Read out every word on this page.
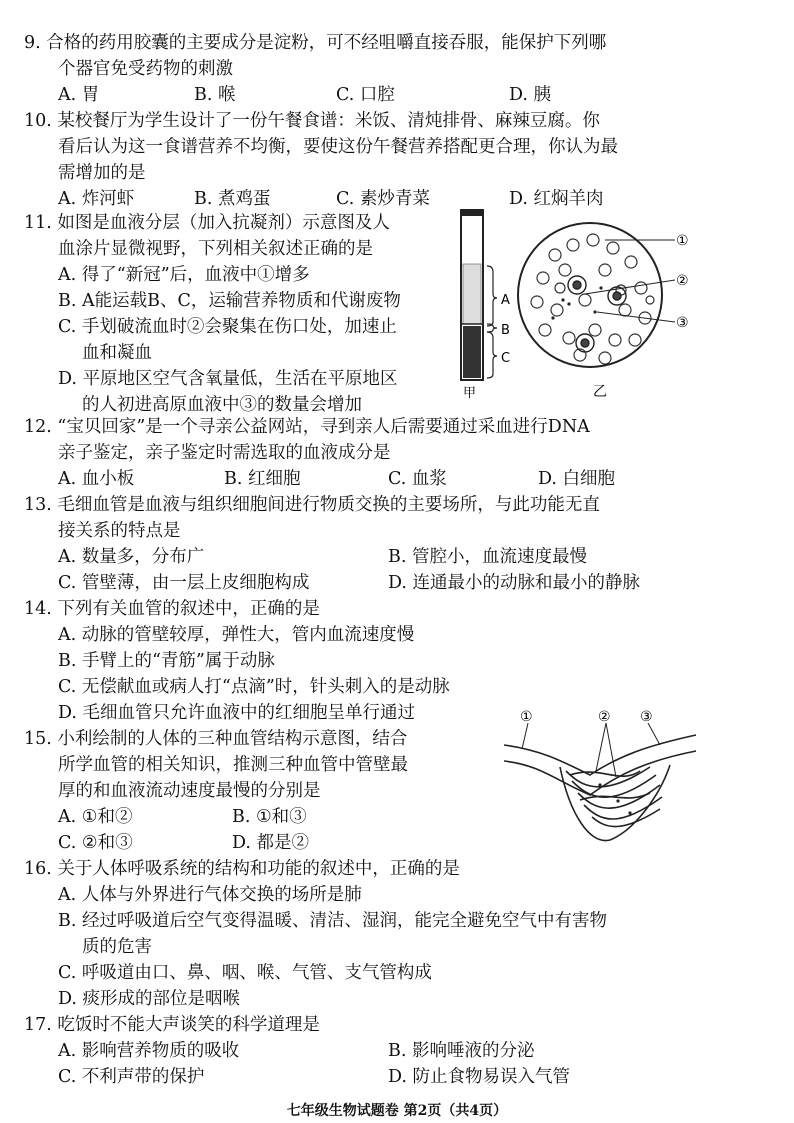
9. 合格的药用胶囊的主要成分是淀粉，可不经咀嚼直接吞服，能保护下列哪
个器官免受药物的刺激
A. 胃	B. 喉	C. 口腔	D. 胰
10. 某校餐厅为学生设计了一份午餐食谱：米饭、清炖排骨、麻辣豆腐。你
看后认为这一食谱营养不均衡，要使这份午餐营养搭配更合理，你认为最
需增加的是
A. 炸河虾	B. 煮鸡蛋	C. 素炒青菜	D. 红焖羊肉
11. 如图是血液分层（加入抗凝剂）示意图及人
血涂片显微视野，下列相关叙述正确的是
A. 得了“新冠”后，血液中①增多
B. A能运载B、C，运输营养物质和代谢废物
C. 手划破流血时②会聚集在伤口处，加速止
血和凝血
D. 平原地区空气含氧量低，生活在平原地区
的人初进高原血液中③的数量会增加
A
B
C
甲
①
②
③
乙
12. “宝贝回家”是一个寻亲公益网站，寻到亲人后需要通过采血进行DNA
亲子鉴定，亲子鉴定时需选取的血液成分是
A. 血小板	B. 红细胞	C. 血浆	D. 白细胞
13. 毛细血管是血液与组织细胞间进行物质交换的主要场所，与此功能无直
接关系的特点是
A. 数量多，分布广	B. 管腔小，血流速度最慢
C. 管壁薄，由一层上皮细胞构成	D. 连通最小的动脉和最小的静脉
14. 下列有关血管的叙述中，正确的是
A. 动脉的管壁较厚，弹性大，管内血流速度慢
B. 手臂上的“青筋”属于动脉
C. 无偿献血或病人打“点滴”时，针头刺入的是动脉
D. 毛细血管只允许血液中的红细胞呈单行通过
15. 小利绘制的人体的三种血管结构示意图，结合
所学血管的相关知识，推测三种血管中管壁最
厚的和血液流动速度最慢的分别是
A. ①和②	B. ①和③
C. ②和③	D. 都是②
①	② ③
16. 关于人体呼吸系统的结构和功能的叙述中，正确的是
A. 人体与外界进行气体交换的场所是肺
B. 经过呼吸道后空气变得温暖、清洁、湿润，能完全避免空气中有害物
质的危害
C. 呼吸道由口、鼻、咽、喉、气管、支气管构成
D. 痰形成的部位是咽喉
17. 吃饭时不能大声谈笑的科学道理是
A. 影响营养物质的吸收	B. 影响唾液的分泌
C. 不利声带的保护	D. 防止食物易误入气管
七年级生物试题卷 第2页（共4页）
